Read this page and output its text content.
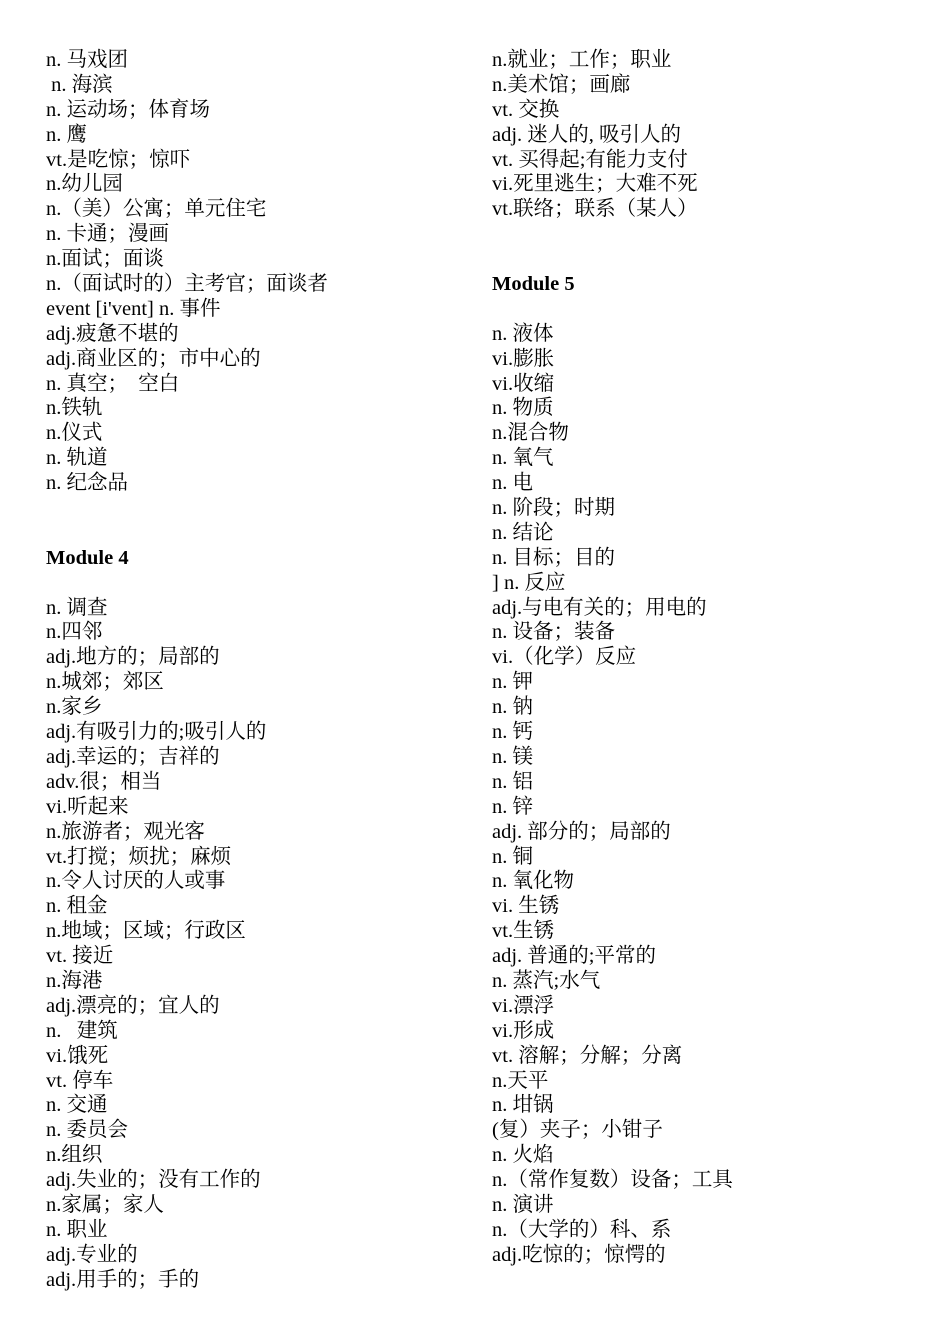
n. 马戏团
n. 海滨
n. 运动场；体育场
n. 鹰
vt.是吃惊；惊吓
n.幼儿园
n.（美）公寓；单元住宅
n. 卡通；漫画
n.面试；面谈
n.（面试时的）主考官；面谈者
event [i'vent] n. 事件
adj.疲惫不堪的
adj.商业区的；市中心的
n. 真空；  空白
n.铁轨
n.仪式
n. 轨道
n. 纪念品
Module 4
n. 调查
n.四邻
adj.地方的；局部的
n.城郊；郊区
n.家乡
adj.有吸引力的;吸引人的
adj.幸运的；吉祥的
adv.很；相当
vi.听起来
n.旅游者；观光客
vt.打搅；烦扰；麻烦
n.令人讨厌的人或事
n. 租金
n.地域；区域；行政区
vt. 接近
n.海港
adj.漂亮的；宜人的
n.   建筑
vi.饿死
vt. 停车
n. 交通
n. 委员会
n.组织
adj.失业的；没有工作的
n.家属；家人
n. 职业
adj.专业的
adj.用手的；手的
n.就业；工作；职业
n.美术馆；画廊
vt. 交换
adj. 迷人的, 吸引人的
vt. 买得起;有能力支付
vi.死里逃生；大难不死
vt.联络；联系（某人）
Module 5
n. 液体
vi.膨胀
vi.收缩
n. 物质
n.混合物
n. 氧气
n. 电
n. 阶段；时期
n. 结论
n. 目标；目的
] n. 反应
adj.与电有关的；用电的
n. 设备；装备
vi.（化学）反应
n. 钾
n. 钠
n. 钙
n. 镁
n. 铝
n. 锌
adj. 部分的；局部的
n. 铜
n. 氧化物
vi. 生锈
vt.生锈
adj. 普通的;平常的
n. 蒸汽;水气
vi.漂浮
vi.形成
vt. 溶解；分解；分离
n.天平
n. 坩锅
(复）夹子；小钳子
n. 火焰
n.（常作复数）设备；工具
n. 演讲
n.（大学的）科、系
adj.吃惊的；惊愕的
